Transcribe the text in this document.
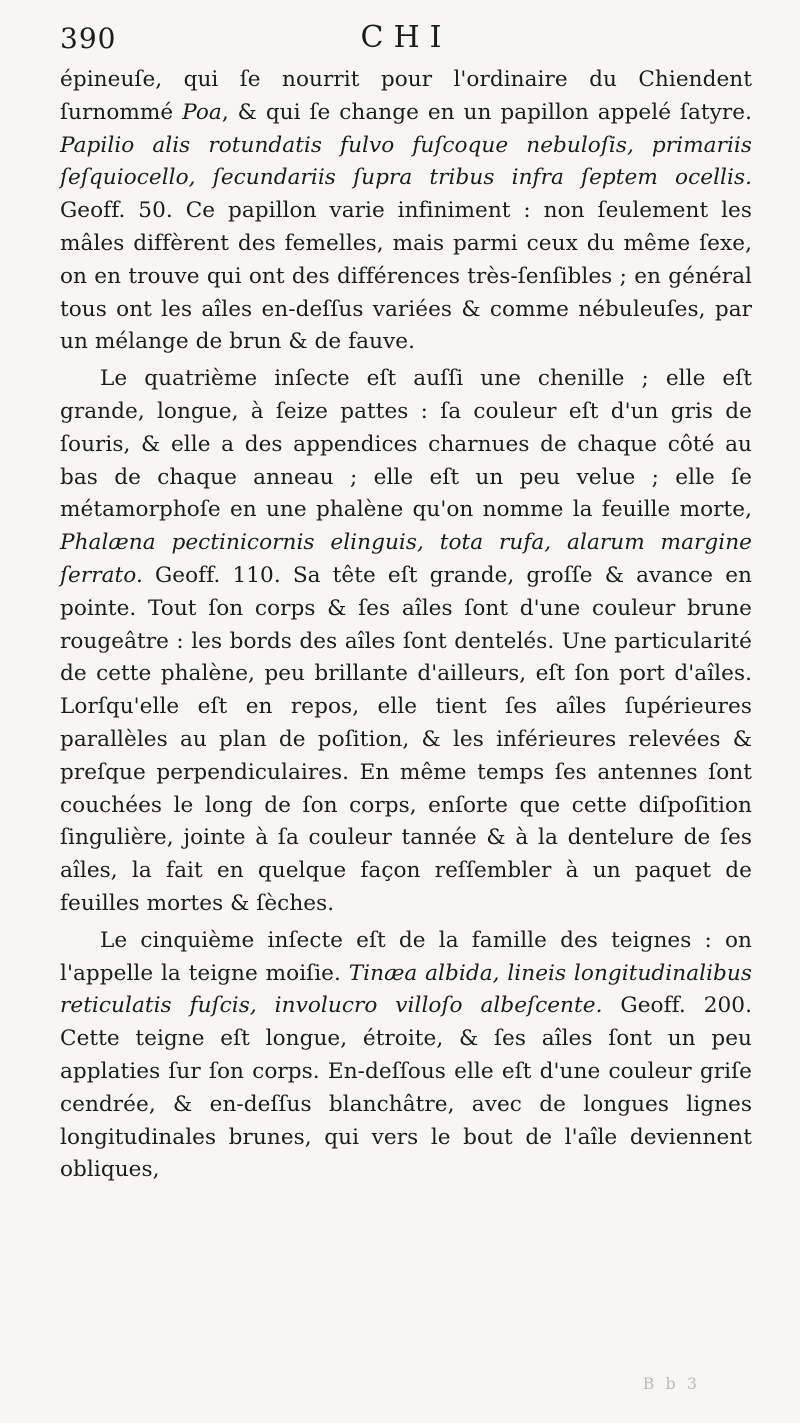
390	CHI

épineuſe, qui ſe nourrit pour l'ordinaire du Chiendent ſurnommé Poa, & qui ſe change en un papillon appelé ſatyre. Papilio alis rotundatis fulvo fuſcoque nebuloſis, primariis ſeſquiocello, ſecundariis ſupra tribus infra ſeptem ocellis. Geoff. 50. Ce papillon varie infiniment : non ſeulement les mâles diffèrent des femelles, mais parmi ceux du même ſexe, on en trouve qui ont des différences très-ſenſibles ; en général tous ont les aîles en-deſſus variées & comme nébuleuſes, par un mélange de brun & de fauve.

Le quatrième inſecte eſt auſſi une chenille ; elle eſt grande, longue, à ſeize pattes : ſa couleur eſt d'un gris de ſouris, & elle a des appendices charnues de chaque côté au bas de chaque anneau ; elle eſt un peu velue ; elle ſe métamorphoſe en une phalène qu'on nomme la feuille morte, Phalæna pectinicornis elinguis, tota rufa, alarum margine ſerrato. Geoff. 110. Sa tête eſt grande, groſſe & avance en pointe. Tout ſon corps & ſes aîles ſont d'une couleur brune rougeâtre : les bords des aîles ſont dentelés. Une particularité de cette phalène, peu brillante d'ailleurs, eſt ſon port d'aîles. Lorſqu'elle eſt en repos, elle tient ſes aîles ſupérieures parallèles au plan de poſition, & les inférieures relevées & preſque perpendiculaires. En même temps ſes antennes ſont couchées le long de ſon corps, enſorte que cette diſpoſition ſingulière, jointe à ſa couleur tannée & à la dentelure de ſes aîles, la fait en quelque façon reſſembler à un paquet de feuilles mortes & ſèches.

Le cinquième inſecte eſt de la famille des teignes : on l'appelle la teigne moiſie. Tinæa albida, lineis longitudinalibus reticulatis fuſcis, involucro villoſo albeſcente. Geoff. 200. Cette teigne eſt longue, étroite, & ſes aîles ſont un peu applaties ſur ſon corps. En-deſſous elle eſt d'une couleur griſe cendrée, & en-deſſus blanchâtre, avec de longues lignes longitudinales brunes, qui vers le bout de l'aîle deviennent obliques,

B b 3
